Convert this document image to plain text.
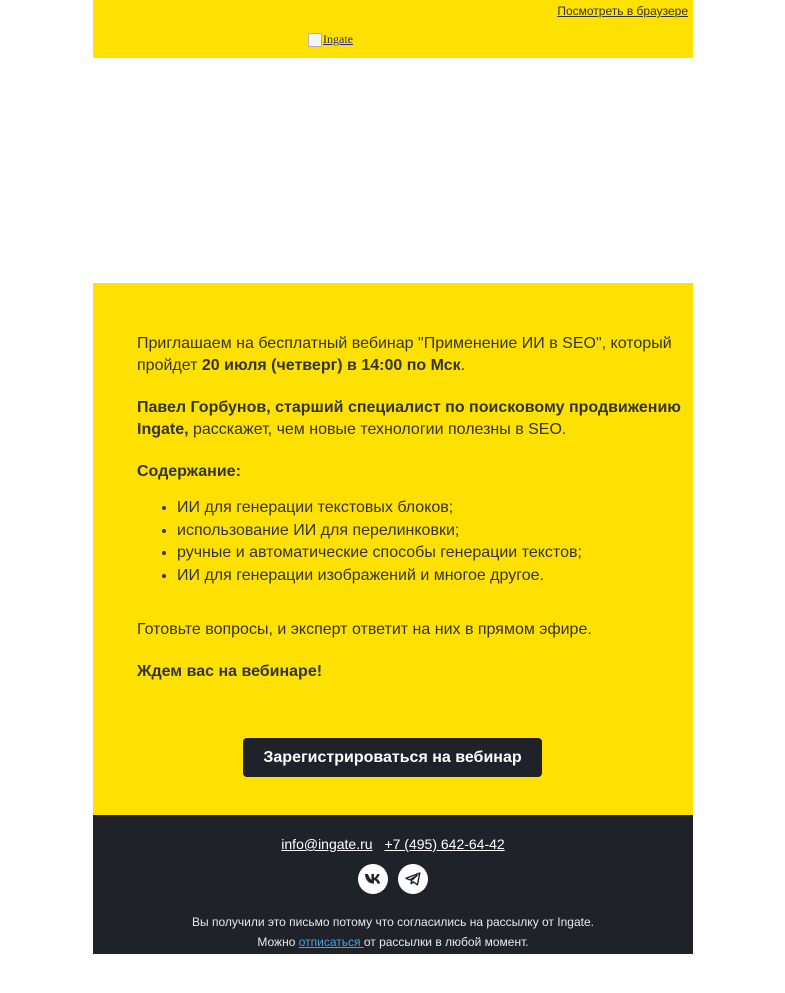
Посмотреть в браузере
Ingate

Приглашаем на бесплатный вебинар "Применение ИИ в SEO", который пройдет 20 июля (четверг) в 14:00 по Мск.

Павел Горбунов, старший специалист по поисковому продвижению Ingate, расскажет, чем новые технологии полезны в SEO.

Содержание:

• ИИ для генерации текстовых блоков;
• использование ИИ для перелинковки;
• ручные и автоматические способы генерации текстов;
• ИИ для генерации изображений и многое другое.

Готовьте вопросы, и эксперт ответит на них в прямом эфире.

Ждем вас на вебинаре!

Зарегистрироваться на вебинар
info@ingate.ru +7 (495) 642-64-42
Вы получили это письмо потому что согласились на рассылку от Ingate.
Можно отписаться от рассылки в любой момент.
